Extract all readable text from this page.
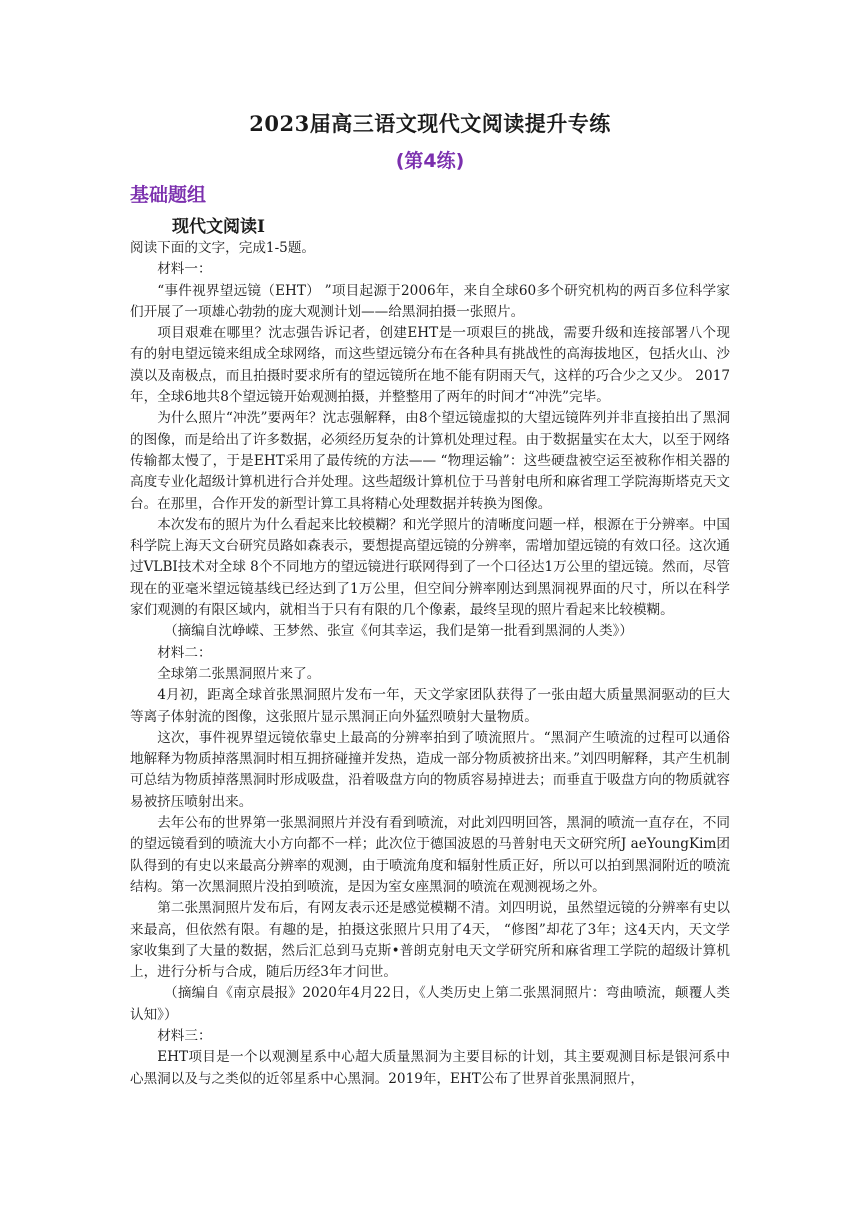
2023届高三语文现代文阅读提升专练
(第4练)
基础题组
现代文阅读Ⅰ

阅读下面的文字，完成1-5题。

材料一：

“事件视界望远镜（EHT） ”项目起源于2006年，来自全球60多个研究机构的两百多位科学家们开展了一项雄心勃勃的庞大观测计划——给黑洞拍摄一张照片。

项目艰难在哪里？沈志强告诉记者，创建EHT是一项艰巨的挑战，需要升级和连接部署八个现有的射电望远镜来组成全球网络，而这些望远镜分布在各种具有挑战性的高海拔地区，包括火山、沙漠以及南极点，而且拍摄时要求所有的望远镜所在地不能有阴雨天气，这样的巧合少之又少。 2017年，全球6地共8个望远镜开始观测拍摄，并整整用了两年的时间才“冲洗”完毕。

为什么照片“冲洗”要两年？沈志强解释，由8个望远镜虚拟的大望远镜阵列并非直接拍出了黑洞的图像，而是给出了许多数据，必须经历复杂的计算机处理过程。由于数据量实在太大，以至于网络传输都太慢了，于是EHT采用了最传统的方法—— “物理运输”：这些硬盘被空运至被称作相关器的高度专业化超级计算机进行合并处理。这些超级计算机位于马普射电所和麻省理工学院海斯塔克天文台。在那里，合作开发的新型计算工具将精心处理数据并转换为图像。

本次发布的照片为什么看起来比较模糊？和光学照片的清晰度问题一样，根源在于分辨率。中国科学院上海天文台研究员路如森表示，要想提高望远镜的分辨率，需增加望远镜的有效口径。这次通过VLBI技术对全球 8个不同地方的望远镜进行联网得到了一个口径达1万公里的望远镜。然而，尽管现在的亚毫米望远镜基线已经达到了1万公里，但空间分辨率刚达到黑洞视界面的尺寸，所以在科学家们观测的有限区域内，就相当于只有有限的几个像素，最终呈现的照片看起来比较模糊。

（摘编自沈峥嵘、王梦然、张宣《何其幸运，我们是第一批看到黑洞的人类》）

材料二：

全球第二张黑洞照片来了。

4月初，距离全球首张黑洞照片发布一年，天文学家团队获得了一张由超大质量黑洞驱动的巨大等离子体射流的图像，这张照片显示黑洞正向外猛烈喷射大量物质。

这次，事件视界望远镜依靠史上最高的分辨率拍到了喷流照片。“黑洞产生喷流的过程可以通俗地解释为物质掉落黑洞时相互拥挤碰撞并发热，造成一部分物质被挤出来。”刘四明解释，其产生机制可总结为物质掉落黑洞时形成吸盘，沿着吸盘方向的物质容易掉进去；而垂直于吸盘方向的物质就容易被挤压喷射出来。

去年公布的世界第一张黑洞照片并没有看到喷流，对此刘四明回答，黑洞的喷流一直存在，不同的望远镜看到的喷流大小方向都不一样；此次位于德国波恩的马普射电天文研究所J aeYoungKim团队得到的有史以来最高分辨率的观测，由于喷流角度和辐射性质正好，所以可以拍到黑洞附近的喷流结构。第一次黑洞照片没拍到喷流，是因为室女座黑洞的喷流在观测视场之外。

第二张黑洞照片发布后，有网友表示还是感觉模糊不清。刘四明说，虽然望远镜的分辨率有史以来最高，但依然有限。有趣的是，拍摄这张照片只用了4天， “修图”却花了3年；这4天内，天文学家收集到了大量的数据，然后汇总到马克斯•普朗克射电天文学研究所和麻省理工学院的超级计算机上，进行分析与合成，随后历经3年才问世。

（摘编自《南京晨报》2020年4月22日，《人类历史上第二张黑洞照片：弯曲喷流，颠覆人类认知》）

材料三：

EHT项目是一个以观测星系中心超大质量黑洞为主要目标的计划，其主要观测目标是银河系中心黑洞以及与之类似的近邻星系中心黑洞。2019年，EHT公布了世界首张黑洞照片，
